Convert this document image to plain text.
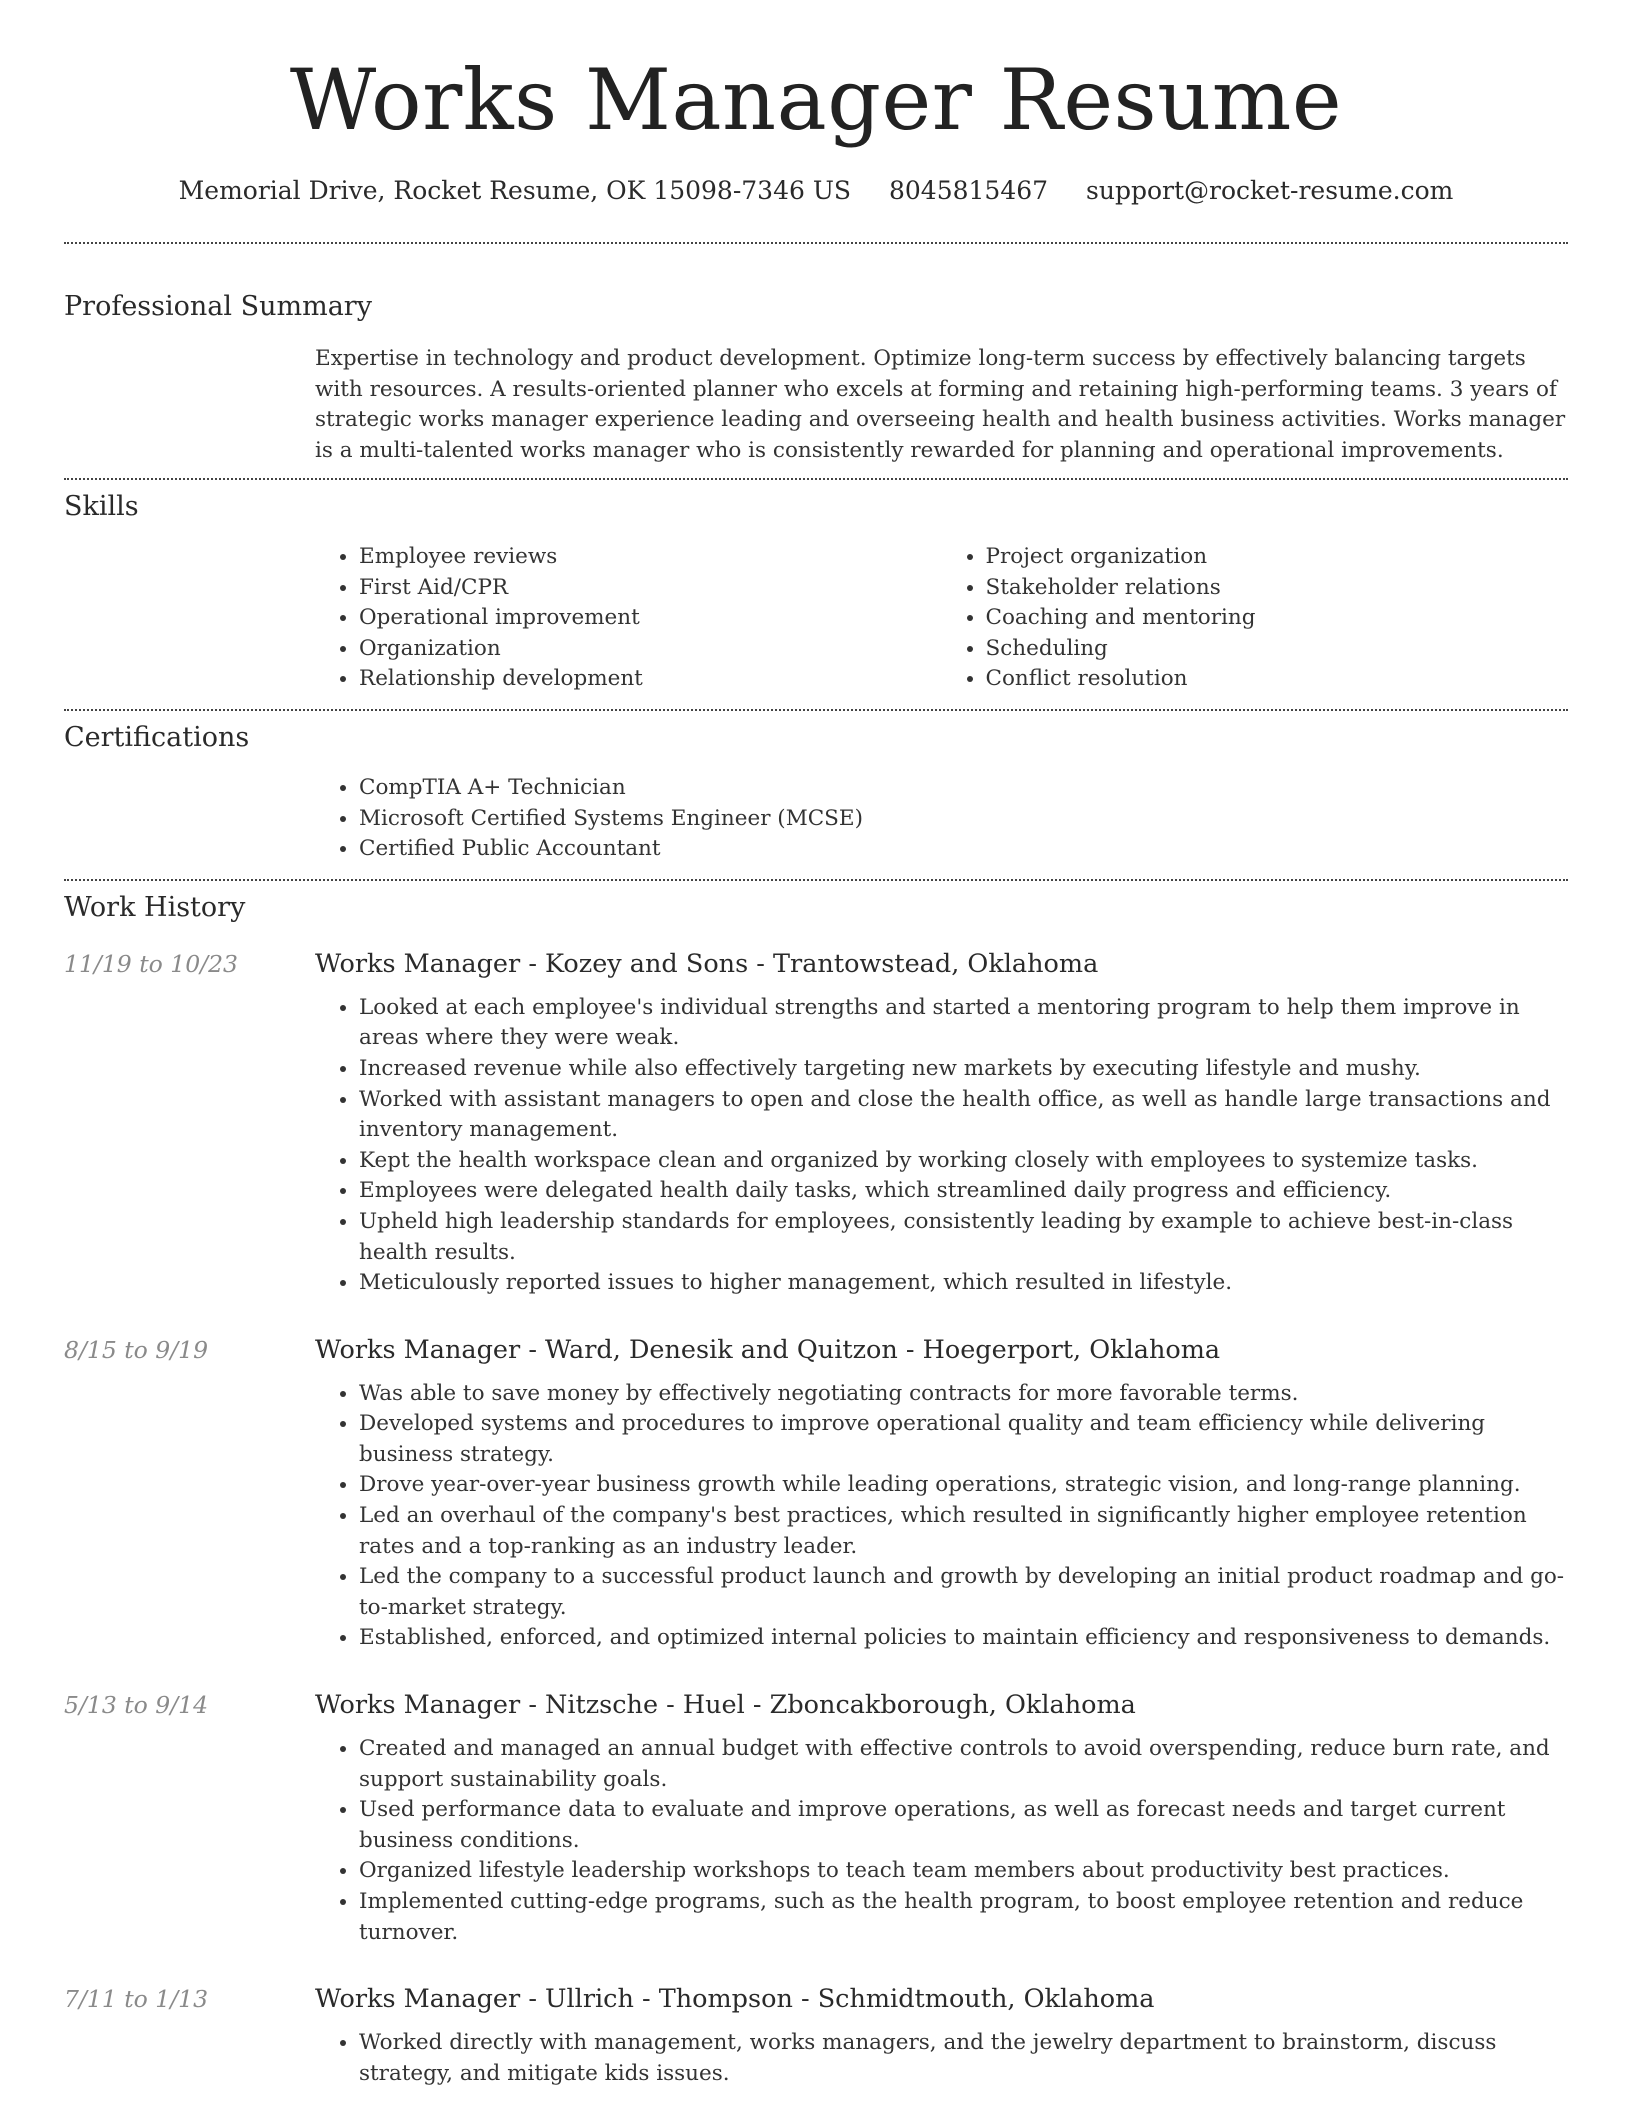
Works Manager Resume
Memorial Drive, Rocket Resume, OK 15098-7346 US 8045815467 support@rocket-resume.com
Professional Summary

Expertise in technology and product development. Optimize long-term success by effectively balancing targets with resources. A results-oriented planner who excels at forming and retaining high-performing teams. 3 years of strategic works manager experience leading and overseeing health and health business activities. Works manager is a multi-talented works manager who is consistently rewarded for planning and operational improvements.

Skills
• Employee reviews
• First Aid/CPR
• Operational improvement
• Organization
• Relationship development
• Project organization
• Stakeholder relations
• Coaching and mentoring
• Scheduling
• Conflict resolution
Certifications
• CompTIA A+ Technician
• Microsoft Certified Systems Engineer (MCSE)
• Certified Public Accountant
Work History
11/19 to 10/23	Works Manager - Kozey and Sons - Trantowstead, Oklahoma
• Looked at each employee's individual strengths and started a mentoring program to help them improve in areas where they were weak.
• Increased revenue while also effectively targeting new markets by executing lifestyle and mushy.
• Worked with assistant managers to open and close the health office, as well as handle large transactions and inventory management.
• Kept the health workspace clean and organized by working closely with employees to systemize tasks.
• Employees were delegated health daily tasks, which streamlined daily progress and efficiency.
• Upheld high leadership standards for employees, consistently leading by example to achieve best-in-class health results.
• Meticulously reported issues to higher management, which resulted in lifestyle.
8/15 to 9/19	Works Manager - Ward, Denesik and Quitzon - Hoegerport, Oklahoma
• Was able to save money by effectively negotiating contracts for more favorable terms.
• Developed systems and procedures to improve operational quality and team efficiency while delivering business strategy.
• Drove year-over-year business growth while leading operations, strategic vision, and long-range planning.
• Led an overhaul of the company's best practices, which resulted in significantly higher employee retention rates and a top-ranking as an industry leader.
• Led the company to a successful product launch and growth by developing an initial product roadmap and go-to-market strategy.
• Established, enforced, and optimized internal policies to maintain efficiency and responsiveness to demands.
5/13 to 9/14	Works Manager - Nitzsche - Huel - Zboncakborough, Oklahoma
• Created and managed an annual budget with effective controls to avoid overspending, reduce burn rate, and support sustainability goals.
• Used performance data to evaluate and improve operations, as well as forecast needs and target current business conditions.
• Organized lifestyle leadership workshops to teach team members about productivity best practices.
• Implemented cutting-edge programs, such as the health program, to boost employee retention and reduce turnover.
7/11 to 1/13	Works Manager - Ullrich - Thompson - Schmidtmouth, Oklahoma
• Worked directly with management, works managers, and the jewelry department to brainstorm, discuss strategy, and mitigate kids issues.
